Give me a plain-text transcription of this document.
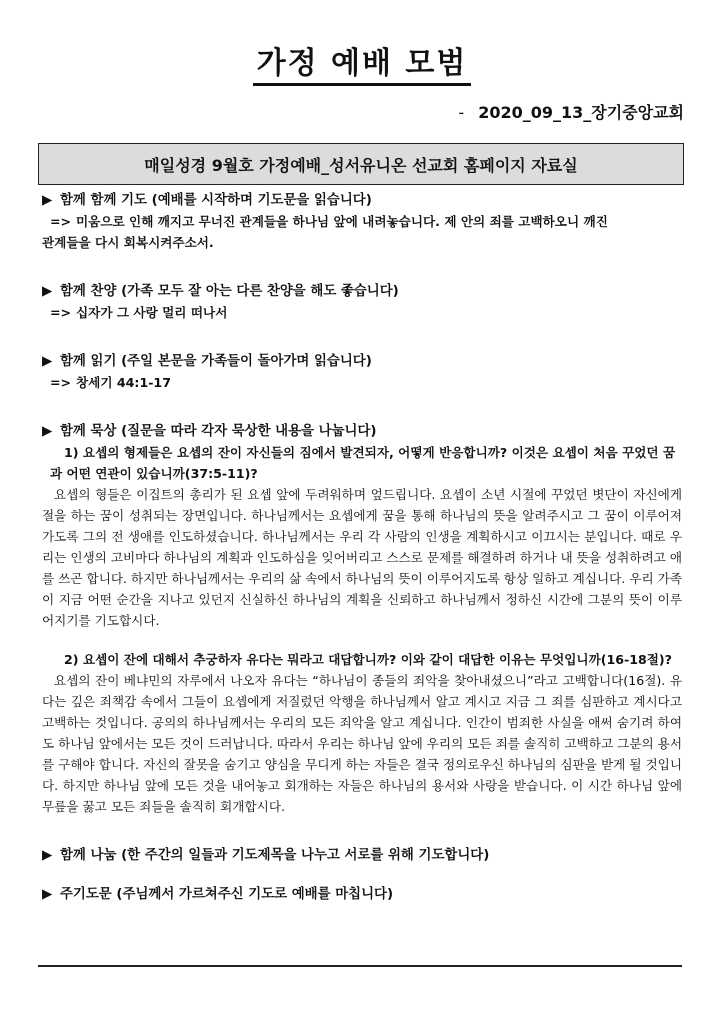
가정 예배 모범
- 2020_09_13_장기중앙교회
매일성경 9월호 가정예배_성서유니온 선교회 홈페이지 자료실

▶ 함께 함께 기도 (예배를 시작하며 기도문을 읽습니다)

=> 미움으로 인해 깨지고 무너진 관계들을 하나님 앞에 내려놓습니다. 제 안의 죄를 고백하오니 깨진

관계들을 다시 회복시켜주소서.

▶ 함께 찬양 (가족 모두 잘 아는 다른 찬양을 해도 좋습니다)

=> 십자가 그 사랑 멀리 떠나서

▶ 함께 읽기 (주일 본문을 가족들이 돌아가며 읽습니다)

=> 창세기 44:1-17

▶ 함께 묵상 (질문을 따라 각자 묵상한 내용을 나눕니다)

1) 요셉의 형제들은 요셉의 잔이 자신들의 짐에서 발견되자, 어떻게 반응합니까? 이것은 요셉이 처음 꾸었던 꿈과 어떤 연관이 있습니까(37:5-11)?

요셉의 형들은 이집트의 총리가 된 요셉 앞에 두려워하며 엎드립니다. 요셉이 소년 시절에 꾸었던 볏단이 자신에게 절을 하는 꿈이 성취되는 장면입니다. 하나님께서는 요셉에게 꿈을 통해 하나님의 뜻을 알려주시고 그 꿈이 이루어져 가도록 그의 전 생애를 인도하셨습니다. 하나님께서는 우리 각 사람의 인생을 계획하시고 이끄시는 분입니다. 때로 우리는 인생의 고비마다 하나님의 계획과 인도하심을 잊어버리고 스스로 문제를 해결하려 하거나 내 뜻을 성취하려고 애를 쓰곤 합니다. 하지만 하나님께서는 우리의 삶 속에서 하나님의 뜻이 이루어지도록 항상 일하고 계십니다. 우리 가족이 지금 어떤 순간을 지나고 있던지 신실하신 하나님의 계획을 신뢰하고 하나님께서 정하신 시간에 그분의 뜻이 이루어지기를 기도합시다.

2) 요셉이 잔에 대해서 추궁하자 유다는 뭐라고 대답합니까? 이와 같이 대답한 이유는 무엇입니까(16-18절)?

요셉의 잔이 베냐민의 자루에서 나오자 유다는 “하나님이 종들의 죄악을 찾아내셨으니”라고 고백합니다(16절). 유다는 깊은 죄책감 속에서 그들이 요셉에게 저질렀던 악행을 하나님께서 알고 계시고 지금 그 죄를 심판하고 계시다고 고백하는 것입니다. 공의의 하나님께서는 우리의 모든 죄악을 알고 계십니다. 인간이 범죄한 사실을 애써 숨기려 하여도 하나님 앞에서는 모든 것이 드러납니다. 따라서 우리는 하나님 앞에 우리의 모든 죄를 솔직히 고백하고 그분의 용서를 구해야 합니다. 자신의 잘못을 숨기고 양심을 무디게 하는 자들은 결국 정의로우신 하나님의 심판을 받게 될 것입니다. 하지만 하나님 앞에 모든 것을 내어놓고 회개하는 자들은 하나님의 용서와 사랑을 받습니다. 이 시간 하나님 앞에 무릎을 꿇고 모든 죄들을 솔직히 회개합시다.

▶ 함께 나눔 (한 주간의 일들과 기도제목을 나누고 서로를 위해 기도합니다)

▶ 주기도문 (주님께서 가르쳐주신 기도로 예배를 마칩니다)
